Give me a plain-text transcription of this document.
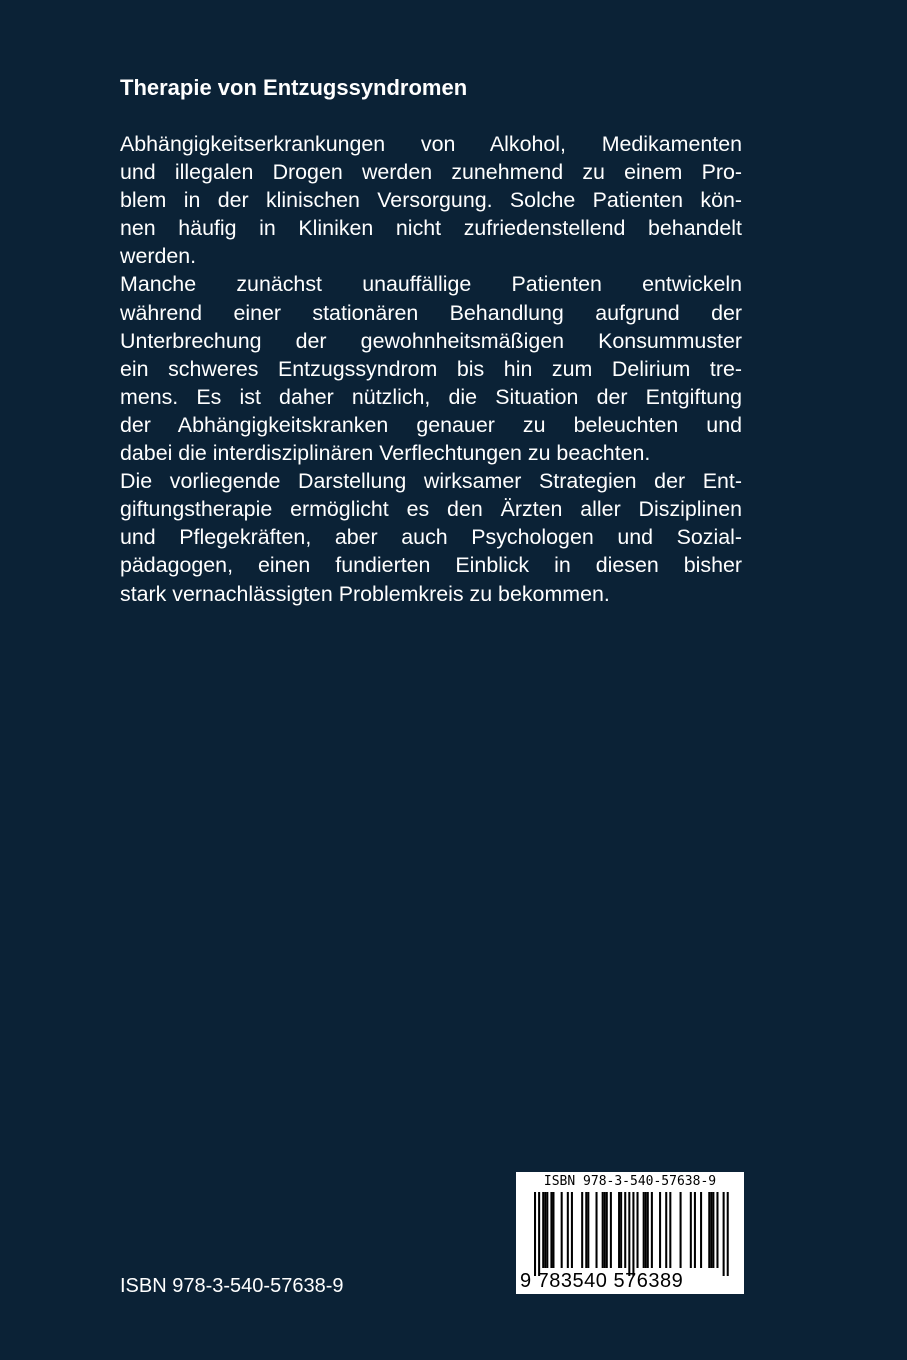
Therapie von Entzugssyndromen
Abhängigkeitserkrankungen von Alkohol, Medikamenten
und illegalen Drogen werden zunehmend zu einem Pro-
blem in der klinischen Versorgung. Solche Patienten kön-
nen häufig in Kliniken nicht zufriedenstellend behandelt
werden.
Manche zunächst unauffällige Patienten entwickeln
während einer stationären Behandlung aufgrund der
Unterbrechung der gewohnheitsmäßigen Konsummuster
ein schweres Entzugssyndrom bis hin zum Delirium tre-
mens. Es ist daher nützlich, die Situation der Entgiftung
der Abhängigkeitskranken genauer zu beleuchten und
dabei die interdisziplinären Verflechtungen zu beachten.
Die vorliegende Darstellung wirksamer Strategien der Ent-
giftungstherapie ermöglicht es den Ärzten aller Disziplinen
und Pflegekräften, aber auch Psychologen und Sozial-
pädagogen, einen fundierten Einblick in diesen bisher
stark vernachlässigten Problemkreis zu bekommen.
ISBN 978-3-540-57638-9
ISBN 978-3-540-57638-9
9 783540 576389
